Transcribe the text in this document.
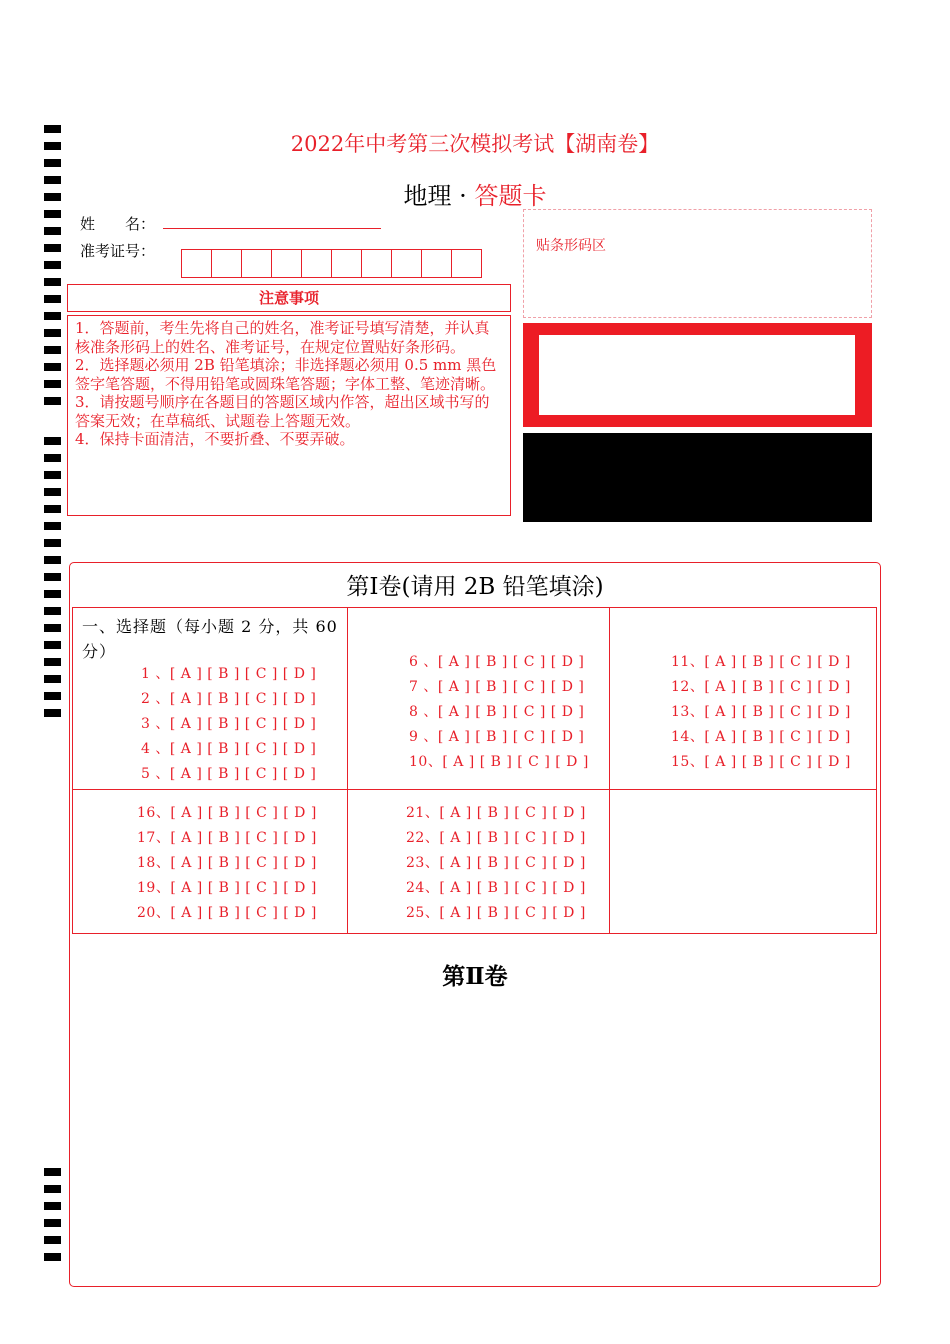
2022年中考第三次模拟考试【湖南卷】
地理 · 答题卡
姓　　名：
准考证号：
注意事项

1．答题前，考生先将自己的姓名，准考证号填写清楚，并认真核准条形码上的姓名、准考证号，在规定位置贴好条形码。

2．选择题必须用 2B 铅笔填涂；非选择题必须用 0.5 mm 黑色签字笔答题，不得用铅笔或圆珠笔答题；字体工整、笔迹清晰。

3．请按题号顺序在各题目的答题区域内作答，超出区域书写的答案无效；在草稿纸、试题卷上答题无效。

4．保持卡面清洁，不要折叠、不要弄破。

贴条形码区
第Ⅰ卷(请用 2B 铅笔填涂)
一、选择题（每小题 2 分，共 60 分）
1 、[ A ] [ B ] [ C ] [ D ]
2 、[ A ] [ B ] [ C ] [ D ]
3 、[ A ] [ B ] [ C ] [ D ]
4 、[ A ] [ B ] [ C ] [ D ]
5 、[ A ] [ B ] [ C ] [ D ]
6 、[ A ] [ B ] [ C ] [ D ]
7 、[ A ] [ B ] [ C ] [ D ]
8 、[ A ] [ B ] [ C ] [ D ]
9 、[ A ] [ B ] [ C ] [ D ]
10、[ A ] [ B ] [ C ] [ D ]
11、[ A ] [ B ] [ C ] [ D ]
12、[ A ] [ B ] [ C ] [ D ]
13、[ A ] [ B ] [ C ] [ D ]
14、[ A ] [ B ] [ C ] [ D ]
15、[ A ] [ B ] [ C ] [ D ]
16、[ A ] [ B ] [ C ] [ D ]
17、[ A ] [ B ] [ C ] [ D ]
18、[ A ] [ B ] [ C ] [ D ]
19、[ A ] [ B ] [ C ] [ D ]
20、[ A ] [ B ] [ C ] [ D ]
21、[ A ] [ B ] [ C ] [ D ]
22、[ A ] [ B ] [ C ] [ D ]
23、[ A ] [ B ] [ C ] [ D ]
24、[ A ] [ B ] [ C ] [ D ]
25、[ A ] [ B ] [ C ] [ D ]
第Ⅱ卷
